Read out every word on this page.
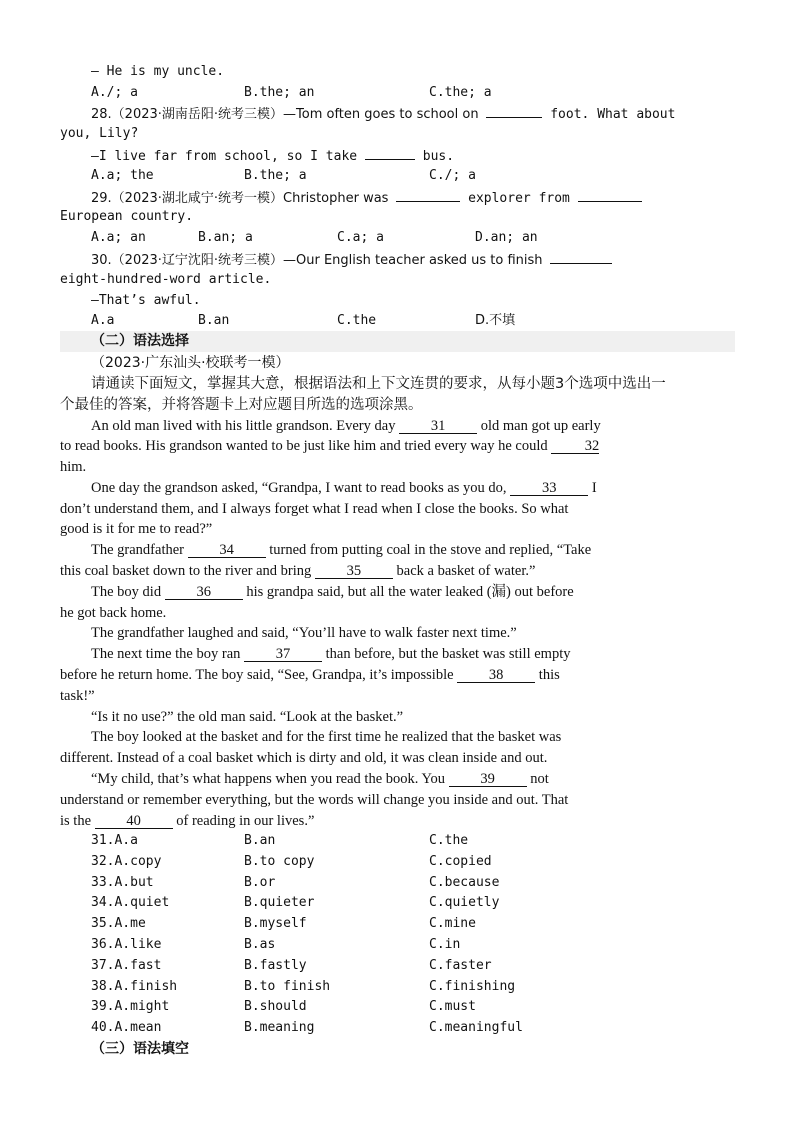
— He is my uncle.
A./; a	B.the; an	C.the; a
28.（2023·湖南岳阳·统考三模）—Tom often goes to school on	foot. What about
you, Lily?
—I live far from school, so I take	bus.
A.a; the	B.the; a	C./; a
29.（2023·湖北咸宁·统考一模）Christopher was	explorer from
European country.
A.a; an	B.an; a	C.a; a	D.an; an
30.（2023·辽宁沈阳·统考三模）—Our English teacher asked us to finish
eight-hundred-word article.
—That’s awful.
A.a	B.an	C.the	D.不填
（二）语法选择
（2023·广东汕头·校联考一模）
请通读下面短文，掌握其大意，根据语法和上下文连贯的要求，从每小题3个选项中选出一
个最佳的答案，并将答题卡上对应题目所选的选项涂黑。
An old man lived with his little grandson. Every day 31 old man got up early
to read books. His grandson wanted to be just like him and tried every way he could	32
him.
One day the grandson asked, “Grandpa, I want to read books as you do, 33 I
don’t understand them, and I always forget what I read when I close the books. So what
good is it for me to read?”
The grandfather 34 turned from putting coal in the stove and replied, “Take
this coal basket down to the river and bring 35 back a basket of water.”
The boy did 36 his grandpa said, but all the water leaked (漏) out before
he got back home.
The grandfather laughed and said, “You’ll have to walk faster next time.”
The next time the boy ran 37 than before, but the basket was still empty
before he return home. The boy said, “See, Grandpa, it’s impossible 38 this
task!”
“Is it no use?” the old man said. “Look at the basket.”
The boy looked at the basket and for the first time he realized that the basket was
different. Instead of a coal basket which is dirty and old, it was clean inside and out.
“My child, that’s what happens when you read the book. You 39 not
understand or remember everything, but the words will change you inside and out. That
is the 40 of reading in our lives.”
31.A.a	B.an	C.the
32.A.copy	B.to copy	C.copied
33.A.but	B.or	C.because
34.A.quiet	B.quieter	C.quietly
35.A.me	B.myself	C.mine
36.A.like	B.as	C.in
37.A.fast	B.fastly	C.faster
38.A.finish	B.to finish	C.finishing
39.A.might	B.should	C.must
40.A.mean	B.meaning	C.meaningful
（三）语法填空
